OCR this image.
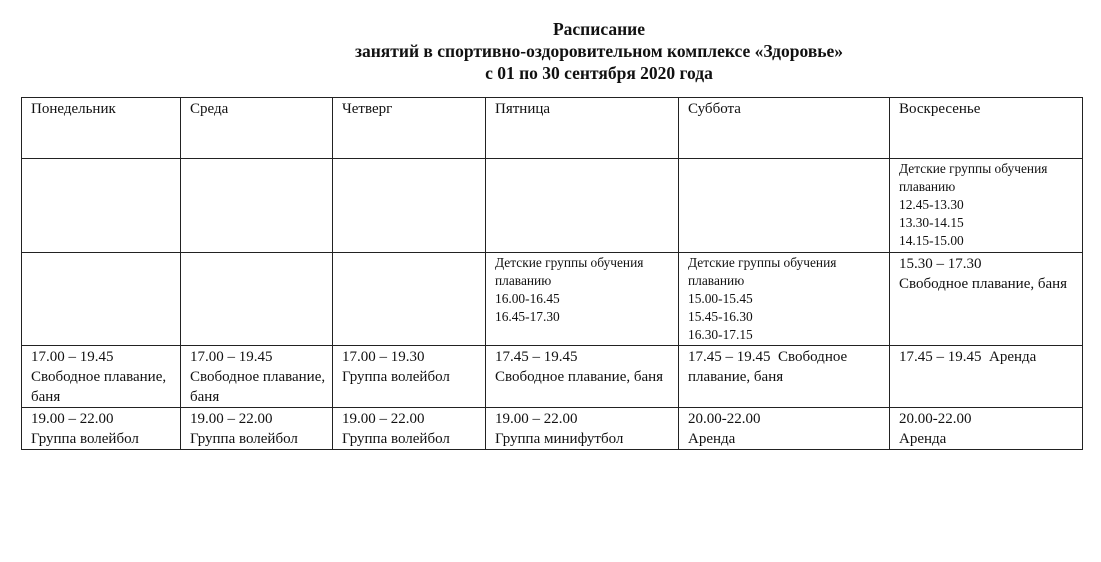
Расписание
занятий в спортивно-оздоровительном комплексе «Здоровье»
с 01 по 30 сентября 2020 года
Понедельник	Среда	Четверг	Пятница	Суббота	Воскресенье

					Детские группы обучения плаванию
12.45-13.30
13.30-14.15
14.15-15.00

			Детские группы обучения плаванию
16.00-16.45
16.45-17.30	Детские группы обучения плаванию
15.00-15.45
15.45-16.30
16.30-17.15	15.30 – 17.30
Свободное плавание, баня

17.00 – 19.45
Свободное плавание, баня	17.00 – 19.45
Свободное плавание, баня	17.00 – 19.30
Группа волейбол	17.45 – 19.45
Свободное плавание, баня	17.45 – 19.45 Свободное плавание, баня	17.45 – 19.45 Аренда

19.00 – 22.00
Группа волейбол	19.00 – 22.00
Группа волейбол	19.00 – 22.00
Группа волейбол	19.00 – 22.00
Группа минифутбол	20.00-22.00
Аренда	20.00-22.00
Аренда
